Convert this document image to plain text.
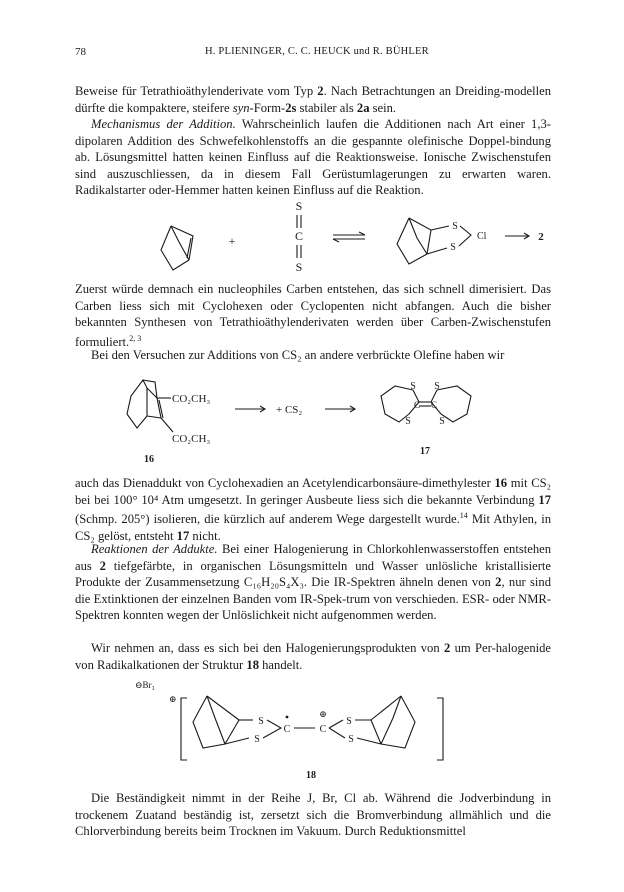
78	H. PLIENINGER, C. C. HEUCK und R. BÜHLER

Beweise für Tetrathioäthylenderivate vom Typ 2. Nach Betrachtungen an Dreiding-modellen dürfte die kompaktere, steifere syn-Form-2s stabiler als 2a sein.

Mechanismus der Addition. Wahrscheinlich laufen die Additionen nach Art einer 1,3-dipolaren Addition des Schwefelkohlenstoffs an die gespannte olefinische Doppel-bindung ab. Lösungsmittel hatten keinen Einfluss auf die Reaktionsweise. Ionische Zwischenstufen sind auszuschliessen, da in diesem Fall Gerüstumlagerungen zu erwarten waren. Radikalstarter oder-Hemmer hatten keinen Einfluss auf die Reaktion.

+
S
C
S
S
S
Cl	2

Zuerst würde demnach ein nucleophiles Carben entstehen, das sich schnell dimerisiert. Das Carben liess sich mit Cyclohexen oder Cyclopenten nicht abfangen. Auch die bisher bekannten Synthesen von Tetrathioäthylenderivaten werden über Carben-Zwischenstufen formuliert.$^{2, 3}$

Bei den Versuchen zur Additions von CS₂ an andere verbrückte Olefine haben wir

CO₂CH₃
CO₂CH₃
16
+ CS₂
S S
S	S
C C
17

auch das Dienaddukt von Cyclohexadien an Acetylendicarbonsäure-dimethylester 16 mit CS₂ bei bei 100° 10⁴ Atm umgesetzt. In geringer Ausbeute liess sich die bekannte Verbindung 17 (Schmp. 205°) isolieren, die kürzlich auf anderem Wege dargestellt wurde.$^{14}$ Mit Athylen, in CS₂ gelöst, entsteht 17 nicht.

Reaktionen der Addukte. Bei einer Halogenierung in Chlorkohlenwasserstoffen entstehen aus 2 tiefgefärbte, in organischen Lösungsmitteln und Wasser unlösliche kristallisierte Produkte der Zusammensetzung C₁₆H₂₀S₄X₃. Die IR-Spektren ähneln denen von 2, nur sind die Extinktionen der einzelnen Banden vom IR-Spek-trum von verschieden. ESR- oder NMR-Spektren konnten wegen der Unlöslichkeit nicht aufgenommen werden.

Wir nehmen an, dass es sich bei den Halogenierungsprodukten von 2 um Per-halogenide von Radikalkationen der Struktur 18 handelt.

⊖Br₃
⊕
S
S
C	C
⊕
S
S
18

Die Beständigkeit nimmt in der Reihe J, Br, Cl ab. Während die Jodverbindung in trockenem Zuatand beständig ist, zersetzt sich die Bromverbindung allmählich und die Chlorverbindung bereits beim Trocknen im Vakuum. Durch Reduktionsmittel
